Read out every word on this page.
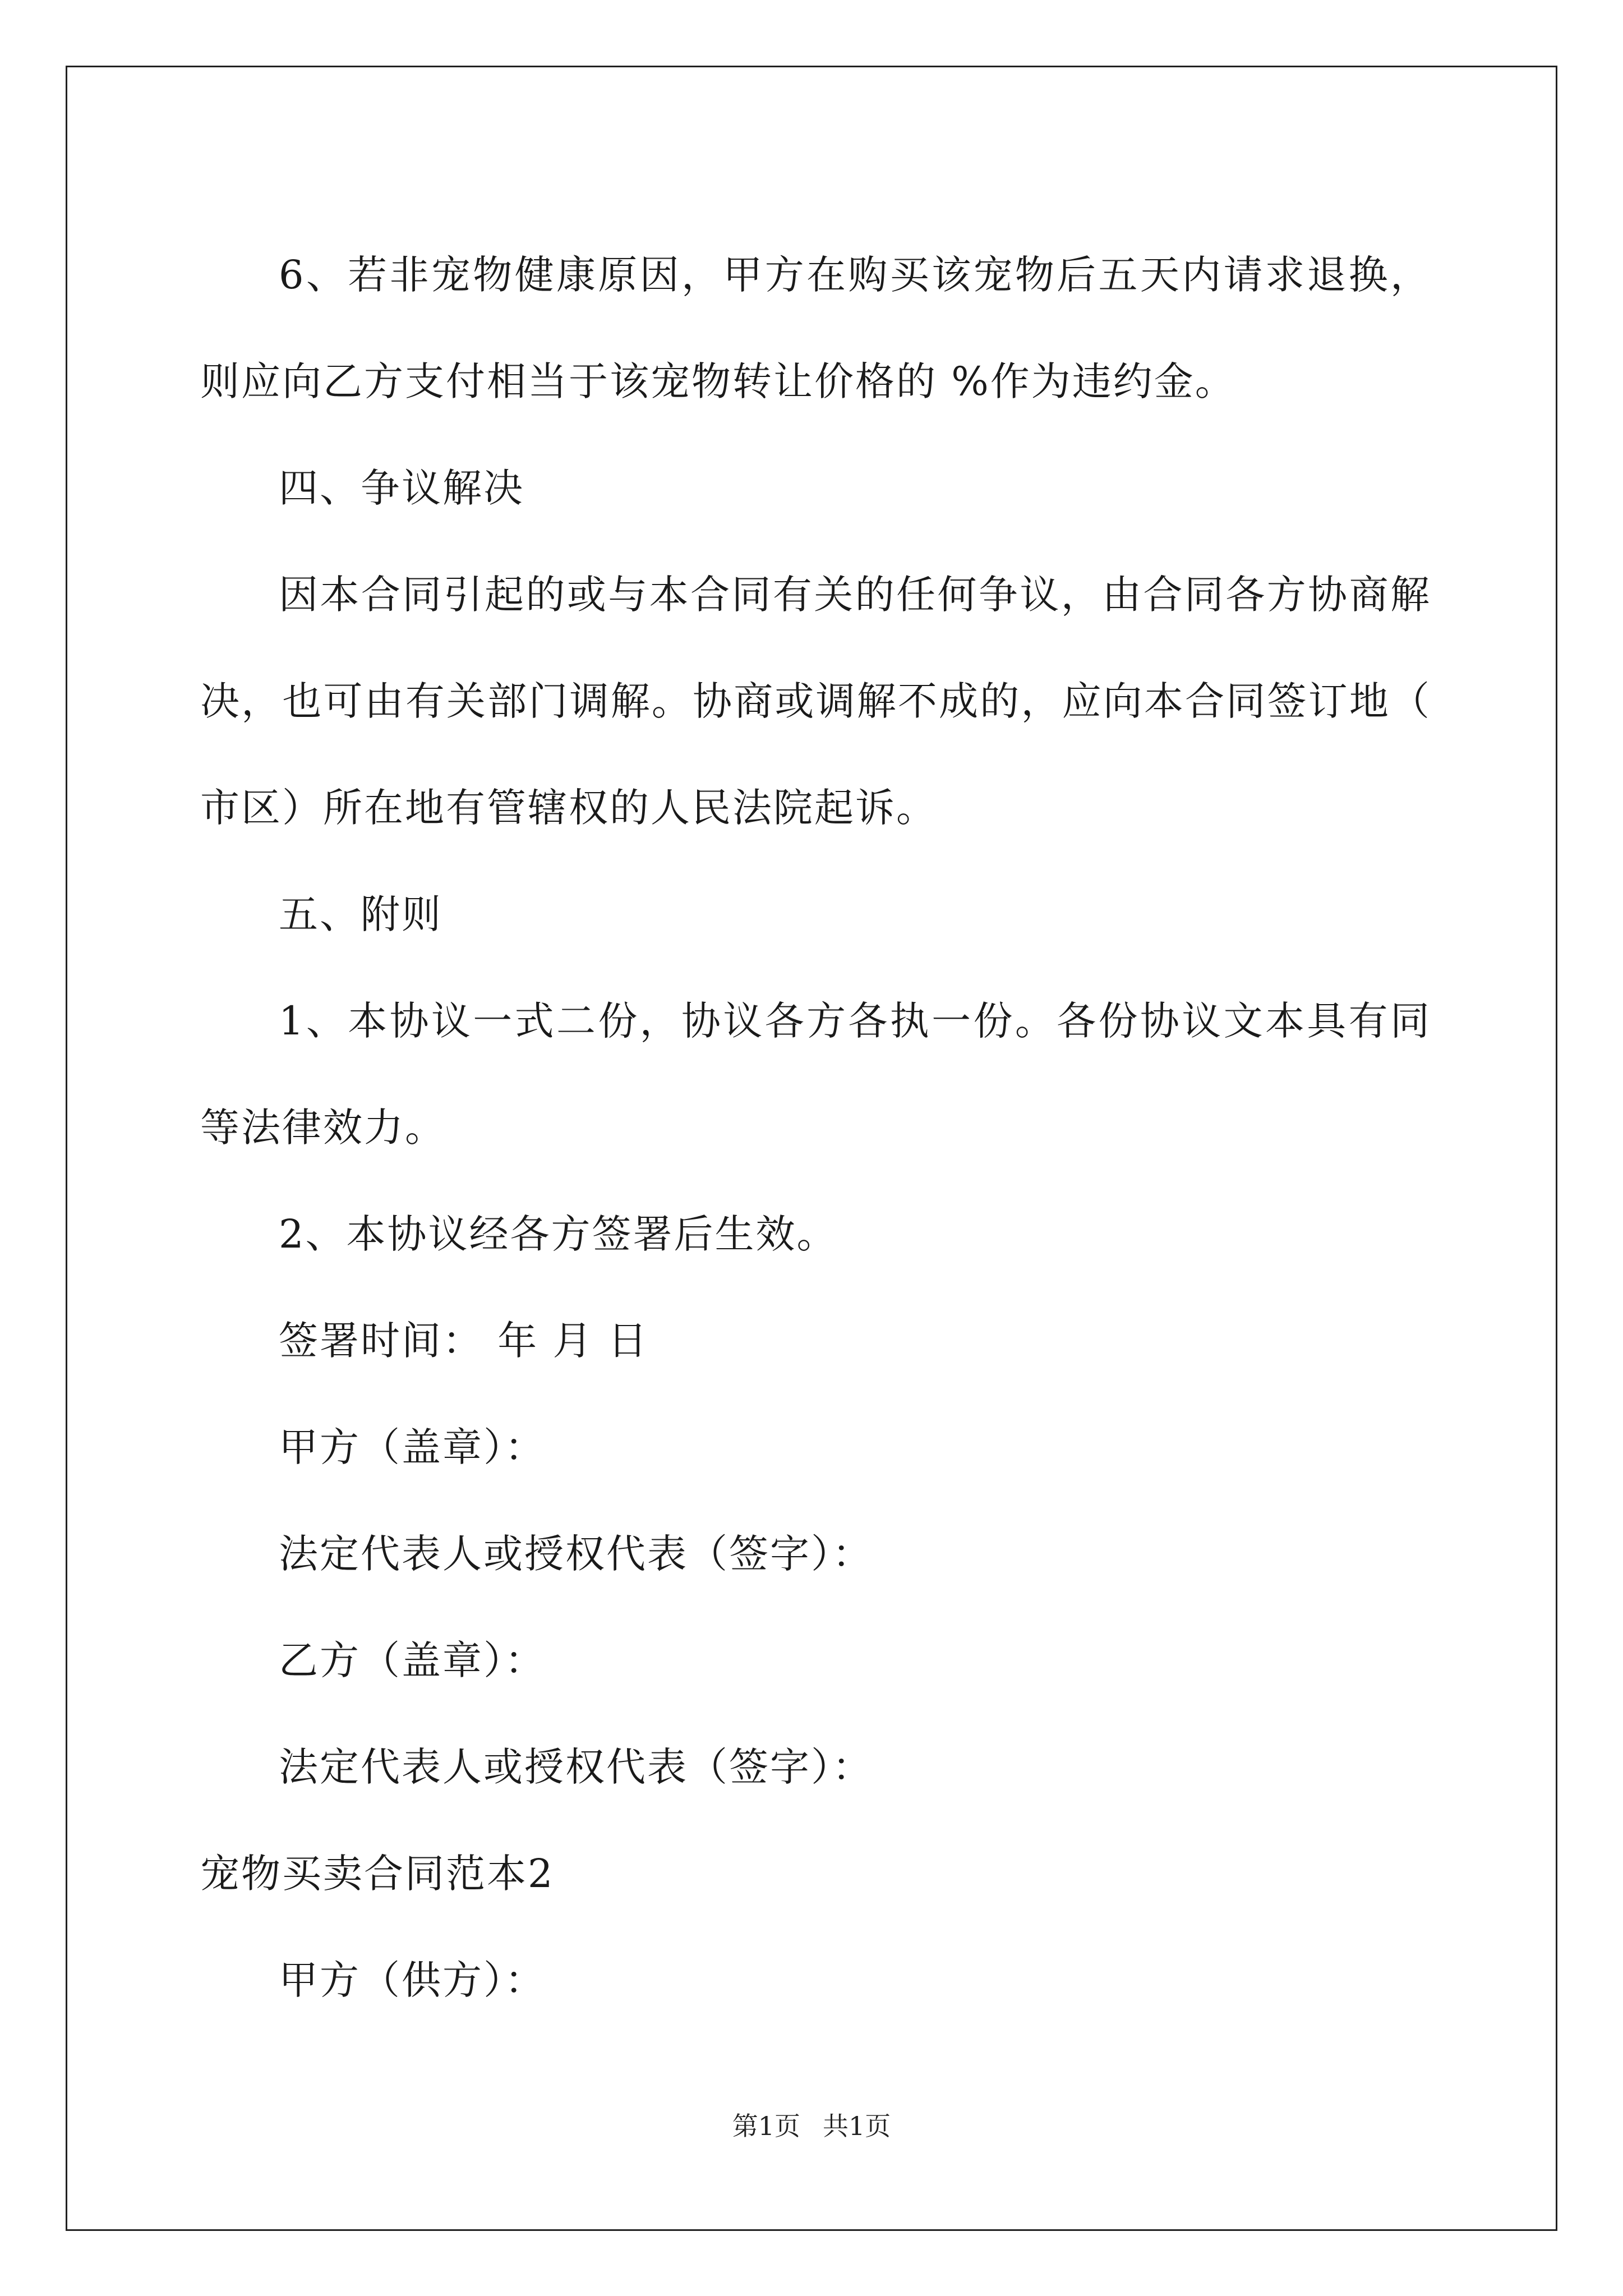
6、若非宠物健康原因，甲方在购买该宠物后五天内请求退换，则应向乙方支付相当于该宠物转让价格的 %作为违约金。

四、争议解决

因本合同引起的或与本合同有关的任何争议，由合同各方协商解决，也可由有关部门调解。协商或调解不成的，应向本合同签订地（ 市区）所在地有管辖权的人民法院起诉。

五、附则

1、本协议一式二份，协议各方各执一份。各份协议文本具有同等法律效力。

2、本协议经各方签署后生效。

签署时间： 年 月 日

甲方（盖章）：

法定代表人或授权代表（签字）：

乙方（盖章）：

法定代表人或授权代表（签字）：

宠物买卖合同范本2

甲方（供方）：

第1页 共1页
